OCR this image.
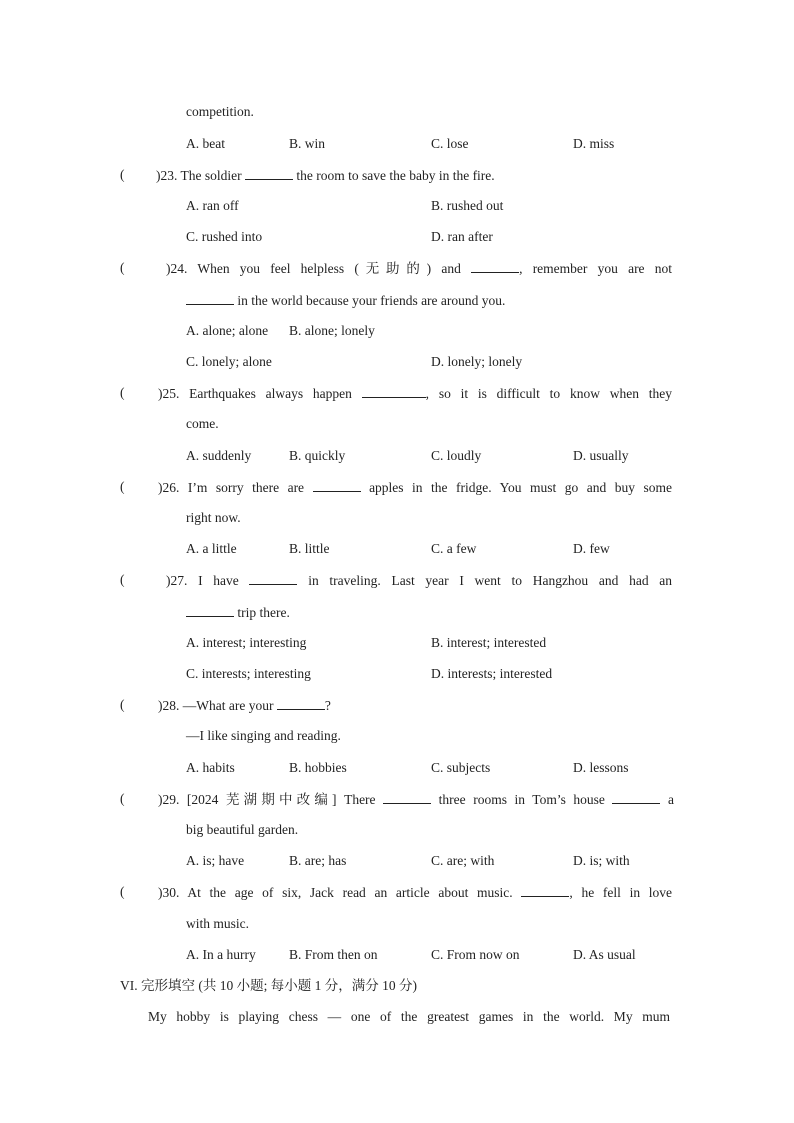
competition.
A. beat	B. win	C. lose	D. miss
( )23. The soldier	the room to save the baby in the fire.
A. ran off	B. rushed out
C. rushed into	D. ran after
(	)24. When you feel helpless (无助的) and	, remember you are not
in the world because your friends are around you.
A. alone; alone B. alone; lonely
C. lonely; alone	D. lonely; lonely
( )25. Earthquakes always happen	, so it is difficult to know when they
come.
A. suddenly	B. quickly	C. loudly	D. usually
( )26. I’m sorry there are	apples in the fridge. You must go and buy some
right now.
A. a little	B. little	C. a few	D. few
(	)27. I have	in traveling. Last year I went to Hangzhou and had an
trip there.
A. interest; interesting	B. interest; interested
C. interests; interesting	D. interests; interested
( )28. —What are your	?
—I like singing and reading.
A. habits	B. hobbies	C. subjects	D. lessons
( )29. [2024 芜湖期中改编] There	three rooms in Tom’s house	a
big beautiful garden.
A. is; have	B. are; has	C. are; with	D. is; with
( )30. At the age of six, Jack read an article about music.	, he fell in love
with music.
A. In a hurry B. From then on	C. From now on	D. As usual
VI. 完形填空 (共 10 小题; 每小题 1 分，满分 10 分)
My hobby is playing chess — one of the greatest games in the world. My mum
